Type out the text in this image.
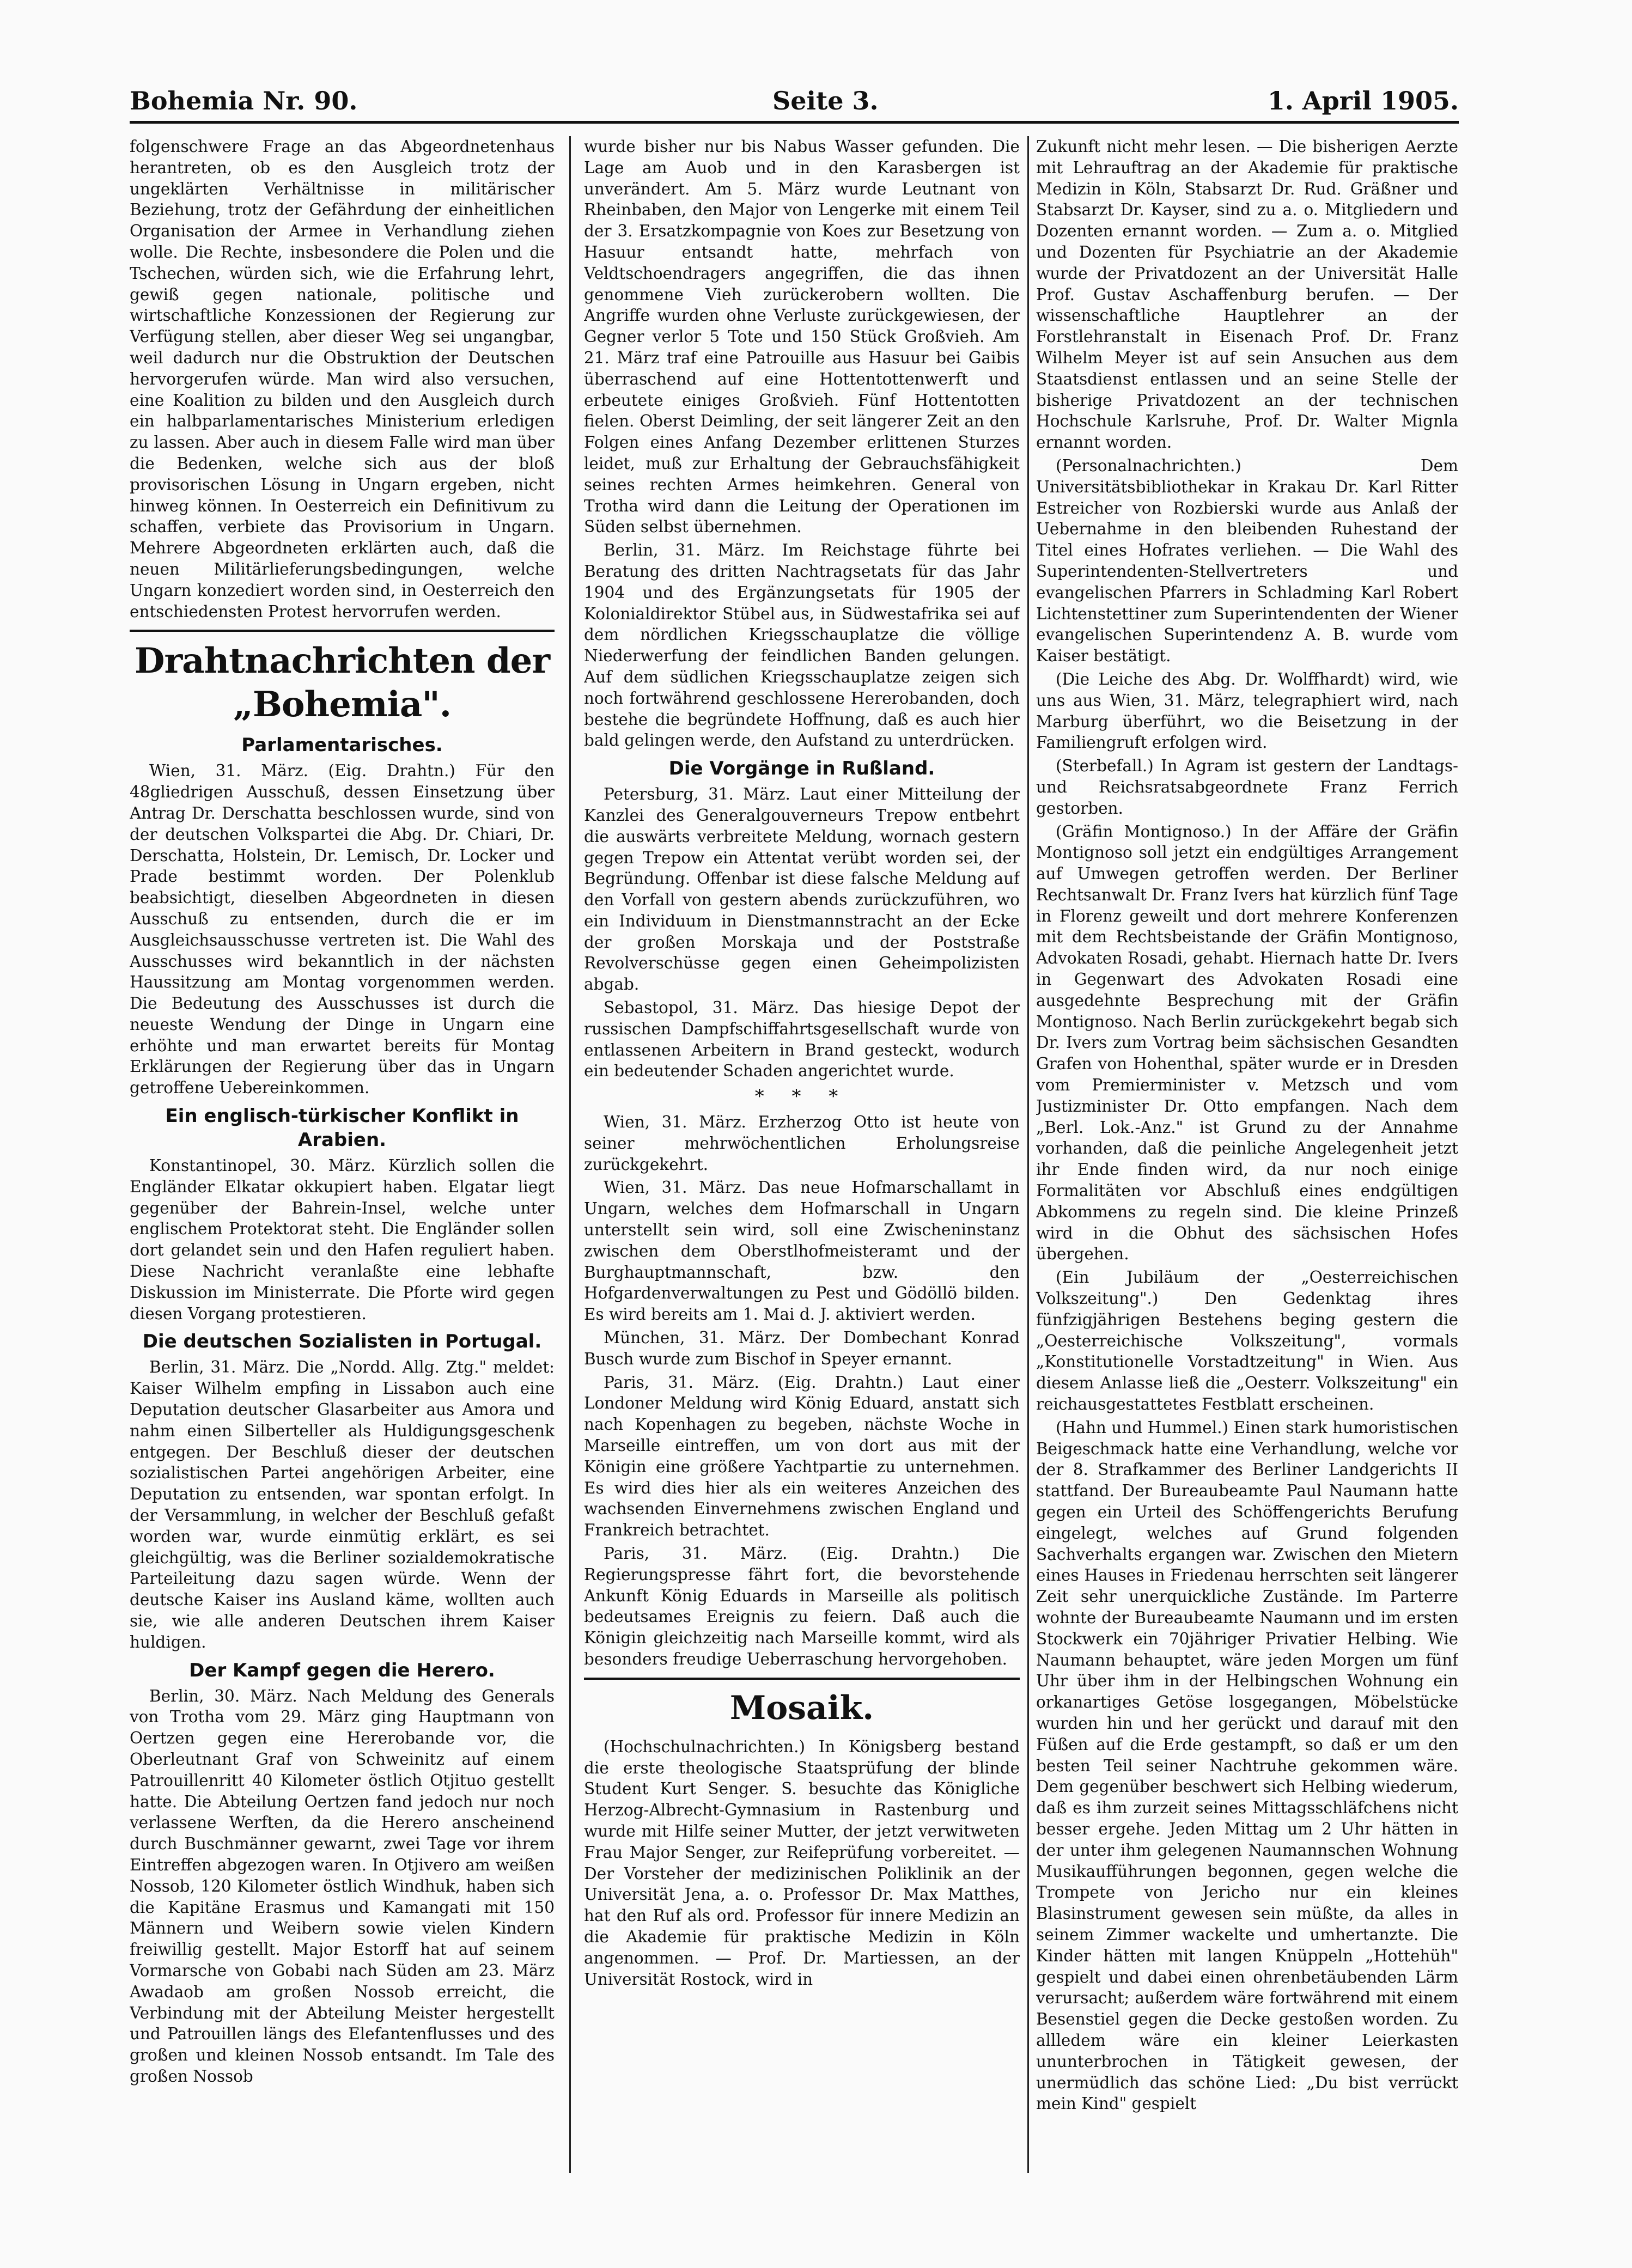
Bohemia Nr. 90.	Seite 3.	1. April 1905.

folgenschwere Frage an das Abgeordnetenhaus herantreten, ob es den Ausgleich trotz der ungeklärten Verhältnisse in militärischer Beziehung, trotz der Gefährdung der einheitlichen Organisation der Armee in Verhandlung ziehen wolle. Die Rechte, insbesondere die Polen und die Tschechen, würden sich, wie die Erfahrung lehrt, gewiß gegen nationale, politische und wirtschaftliche Konzessionen der Regierung zur Verfügung stellen, aber dieser Weg sei ungangbar, weil dadurch nur die Obstruktion der Deutschen hervorgerufen würde. Man wird also versuchen, eine Koalition zu bilden und den Ausgleich durch ein halbparlamentarisches Ministerium erledigen zu lassen. Aber auch in diesem Falle wird man über die Bedenken, welche sich aus der bloß provisorischen Lösung in Ungarn ergeben, nicht hinweg können. In Oesterreich ein Definitivum zu schaffen, verbiete das Provisorium in Ungarn. Mehrere Abgeordneten erklärten auch, daß die neuen Militärlieferungsbedingungen, welche Ungarn konzediert worden sind, in Oesterreich den entschiedensten Protest hervorrufen werden.

Drahtnachrichten der „Bohemia".
Parlamentarisches.

Wien, 31. März. (Eig. Drahtn.) Für den 48gliedrigen Ausschuß, dessen Einsetzung über Antrag Dr. Derschatta beschlossen wurde, sind von der deutschen Volkspartei die Abg. Dr. Chiari, Dr. Derschatta, Holstein, Dr. Lemisch, Dr. Locker und Prade bestimmt worden. Der Polenklub beabsichtigt, dieselben Abgeordneten in diesen Ausschuß zu entsenden, durch die er im Ausgleichsausschusse vertreten ist. Die Wahl des Ausschusses wird bekanntlich in der nächsten Haussitzung am Montag vorgenommen werden. Die Bedeutung des Ausschusses ist durch die neueste Wendung der Dinge in Ungarn eine erhöhte und man erwartet bereits für Montag Erklärungen der Regierung über das in Ungarn getroffene Uebereinkommen.

Ein englisch-türkischer Konflikt in Arabien.

Konstantinopel, 30. März. Kürzlich sollen die Engländer Elkatar okkupiert haben. Elgatar liegt gegenüber der Bahrein-Insel, welche unter englischem Protektorat steht. Die Engländer sollen dort gelandet sein und den Hafen reguliert haben. Diese Nachricht veranlaßte eine lebhafte Diskussion im Ministerrate. Die Pforte wird gegen diesen Vorgang protestieren.

Die deutschen Sozialisten in Portugal.

Berlin, 31. März. Die „Nordd. Allg. Ztg." meldet: Kaiser Wilhelm empfing in Lissabon auch eine Deputation deutscher Glasarbeiter aus Amora und nahm einen Silberteller als Huldigungsgeschenk entgegen. Der Beschluß dieser der deutschen sozialistischen Partei angehörigen Arbeiter, eine Deputation zu entsenden, war spontan erfolgt. In der Versammlung, in welcher der Beschluß gefaßt worden war, wurde einmütig erklärt, es sei gleichgültig, was die Berliner sozialdemokratische Parteileitung dazu sagen würde. Wenn der deutsche Kaiser ins Ausland käme, wollten auch sie, wie alle anderen Deutschen ihrem Kaiser huldigen.

Der Kampf gegen die Herero.

Berlin, 30. März. Nach Meldung des Generals von Trotha vom 29. März ging Hauptmann von Oertzen gegen eine Hererobande vor, die Oberleutnant Graf von Schweinitz auf einem Patrouillenritt 40 Kilometer östlich Otjituo gestellt hatte. Die Abteilung Oertzen fand jedoch nur noch verlassene Werften, da die Herero anscheinend durch Buschmänner gewarnt, zwei Tage vor ihrem Eintreffen abgezogen waren. In Otjivero am weißen Nossob, 120 Kilometer östlich Windhuk, haben sich die Kapitäne Erasmus und Kamangati mit 150 Männern und Weibern sowie vielen Kindern freiwillig gestellt. Major Estorff hat auf seinem Vormarsche von Gobabi nach Süden am 23. März Awadaob am großen Nossob erreicht, die Verbindung mit der Abteilung Meister hergestellt und Patrouillen längs des Elefantenflusses und des großen und kleinen Nossob entsandt. Im Tale des großen Nossob

wurde bisher nur bis Nabus Wasser gefunden. Die Lage am Auob und in den Karasbergen ist unverändert. Am 5. März wurde Leutnant von Rheinbaben, den Major von Lengerke mit einem Teil der 3. Ersatzkompagnie von Koes zur Besetzung von Hasuur entsandt hatte, mehrfach von Veldtschoendragers angegriffen, die das ihnen genommene Vieh zurückerobern wollten. Die Angriffe wurden ohne Verluste zurückgewiesen, der Gegner verlor 5 Tote und 150 Stück Großvieh. Am 21. März traf eine Patrouille aus Hasuur bei Gaibis überraschend auf eine Hottentottenwerft und erbeutete einiges Großvieh. Fünf Hottentotten fielen. Oberst Deimling, der seit längerer Zeit an den Folgen eines Anfang Dezember erlittenen Sturzes leidet, muß zur Erhaltung der Gebrauchsfähigkeit seines rechten Armes heimkehren. General von Trotha wird dann die Leitung der Operationen im Süden selbst übernehmen.

Berlin, 31. März. Im Reichstage führte bei Beratung des dritten Nachtragsetats für das Jahr 1904 und des Ergänzungsetats für 1905 der Kolonialdirektor Stübel aus, in Südwestafrika sei auf dem nördlichen Kriegsschauplatze die völlige Niederwerfung der feindlichen Banden gelungen. Auf dem südlichen Kriegsschauplatze zeigen sich noch fortwährend geschlossene Hererobanden, doch bestehe die begründete Hoffnung, daß es auch hier bald gelingen werde, den Aufstand zu unterdrücken.

Die Vorgänge in Rußland.

Petersburg, 31. März. Laut einer Mitteilung der Kanzlei des Generalgouverneurs Trepow entbehrt die auswärts verbreitete Meldung, wornach gestern gegen Trepow ein Attentat verübt worden sei, der Begründung. Offenbar ist diese falsche Meldung auf den Vorfall von gestern abends zurückzuführen, wo ein Individuum in Dienstmannstracht an der Ecke der großen Morskaja und der Poststraße Revolverschüsse gegen einen Geheimpolizisten abgab.

Sebastopol, 31. März. Das hiesige Depot der russischen Dampfschiffahrtsgesellschaft wurde von entlassenen Arbeitern in Brand gesteckt, wodurch ein bedeutender Schaden angerichtet wurde.

* * *

Wien, 31. März. Erzherzog Otto ist heute von seiner mehrwöchentlichen Erholungsreise zurückgekehrt.

Wien, 31. März. Das neue Hofmarschallamt in Ungarn, welches dem Hofmarschall in Ungarn unterstellt sein wird, soll eine Zwischeninstanz zwischen dem Oberstlhofmeisteramt und der Burghauptmannschaft, bzw. den Hofgardenverwaltungen zu Pest und Gödöllö bilden. Es wird bereits am 1. Mai d. J. aktiviert werden.

München, 31. März. Der Dombechant Konrad Busch wurde zum Bischof in Speyer ernannt.

Paris, 31. März. (Eig. Drahtn.) Laut einer Londoner Meldung wird König Eduard, anstatt sich nach Kopenhagen zu begeben, nächste Woche in Marseille eintreffen, um von dort aus mit der Königin eine größere Yachtpartie zu unternehmen. Es wird dies hier als ein weiteres Anzeichen des wachsenden Einvernehmens zwischen England und Frankreich betrachtet.

Paris, 31. März. (Eig. Drahtn.) Die Regierungspresse fährt fort, die bevorstehende Ankunft König Eduards in Marseille als politisch bedeutsames Ereignis zu feiern. Daß auch die Königin gleichzeitig nach Marseille kommt, wird als besonders freudige Ueberraschung hervorgehoben.

Mosaik.

(Hochschulnachrichten.) In Königsberg bestand die erste theologische Staatsprüfung der blinde Student Kurt Senger. S. besuchte das Königliche Herzog-Albrecht-Gymnasium in Rastenburg und wurde mit Hilfe seiner Mutter, der jetzt verwitweten Frau Major Senger, zur Reifeprüfung vorbereitet. — Der Vorsteher der medizinischen Poliklinik an der Universität Jena, a. o. Professor Dr. Max Matthes, hat den Ruf als ord. Professor für innere Medizin an die Akademie für praktische Medizin in Köln angenommen. — Prof. Dr. Martiessen, an der Universität Rostock, wird in

Zukunft nicht mehr lesen. — Die bisherigen Aerzte mit Lehrauftrag an der Akademie für praktische Medizin in Köln, Stabsarzt Dr. Rud. Gräßner und Stabsarzt Dr. Kayser, sind zu a. o. Mitgliedern und Dozenten ernannt worden. — Zum a. o. Mitglied und Dozenten für Psychiatrie an der Akademie wurde der Privatdozent an der Universität Halle Prof. Gustav Aschaffenburg berufen. — Der wissenschaftliche Hauptlehrer an der Forstlehranstalt in Eisenach Prof. Dr. Franz Wilhelm Meyer ist auf sein Ansuchen aus dem Staatsdienst entlassen und an seine Stelle der bisherige Privatdozent an der technischen Hochschule Karlsruhe, Prof. Dr. Walter Mignla ernannt worden.

(Personalnachrichten.) Dem Universitätsbibliothekar in Krakau Dr. Karl Ritter Estreicher von Rozbierski wurde aus Anlaß der Uebernahme in den bleibenden Ruhestand der Titel eines Hofrates verliehen. — Die Wahl des Superintendenten-Stellvertreters und evangelischen Pfarrers in Schladming Karl Robert Lichtenstettiner zum Superintendenten der Wiener evangelischen Superintendenz A. B. wurde vom Kaiser bestätigt.

(Die Leiche des Abg. Dr. Wolffhardt) wird, wie uns aus Wien, 31. März, telegraphiert wird, nach Marburg überführt, wo die Beisetzung in der Familiengruft erfolgen wird.

(Sterbefall.) In Agram ist gestern der Landtags- und Reichsratsabgeordnete Franz Ferrich gestorben.

(Gräfin Montignoso.) In der Affäre der Gräfin Montignoso soll jetzt ein endgültiges Arrangement auf Umwegen getroffen werden. Der Berliner Rechtsanwalt Dr. Franz Ivers hat kürzlich fünf Tage in Florenz geweilt und dort mehrere Konferenzen mit dem Rechtsbeistande der Gräfin Montignoso, Advokaten Rosadi, gehabt. Hiernach hatte Dr. Ivers in Gegenwart des Advokaten Rosadi eine ausgedehnte Besprechung mit der Gräfin Montignoso. Nach Berlin zurückgekehrt begab sich Dr. Ivers zum Vortrag beim sächsischen Gesandten Grafen von Hohenthal, später wurde er in Dresden vom Premierminister v. Metzsch und vom Justizminister Dr. Otto empfangen. Nach dem „Berl. Lok.-Anz." ist Grund zu der Annahme vorhanden, daß die peinliche Angelegenheit jetzt ihr Ende finden wird, da nur noch einige Formalitäten vor Abschluß eines endgültigen Abkommens zu regeln sind. Die kleine Prinzeß wird in die Obhut des sächsischen Hofes übergehen.

(Ein Jubiläum der „Oesterreichischen Volkszeitung".) Den Gedenktag ihres fünfzigjährigen Bestehens beging gestern die „Oesterreichische Volkszeitung", vormals „Konstitutionelle Vorstadtzeitung" in Wien. Aus diesem Anlasse ließ die „Oesterr. Volkszeitung" ein reichausgestattetes Festblatt erscheinen.

(Hahn und Hummel.) Einen stark humoristischen Beigeschmack hatte eine Verhandlung, welche vor der 8. Strafkammer des Berliner Landgerichts II stattfand. Der Bureaubeamte Paul Naumann hatte gegen ein Urteil des Schöffengerichts Berufung eingelegt, welches auf Grund folgenden Sachverhalts ergangen war. Zwischen den Mietern eines Hauses in Friedenau herrschten seit längerer Zeit sehr unerquickliche Zustände. Im Parterre wohnte der Bureaubeamte Naumann und im ersten Stockwerk ein 70jähriger Privatier Helbing. Wie Naumann behauptet, wäre jeden Morgen um fünf Uhr über ihm in der Helbingschen Wohnung ein orkanartiges Getöse losgegangen, Möbelstücke wurden hin und her gerückt und darauf mit den Füßen auf die Erde gestampft, so daß er um den besten Teil seiner Nachtruhe gekommen wäre. Dem gegenüber beschwert sich Helbing wiederum, daß es ihm zurzeit seines Mittagsschläfchens nicht besser ergehe. Jeden Mittag um 2 Uhr hätten in der unter ihm gelegenen Naumannschen Wohnung Musikaufführungen begonnen, gegen welche die Trompete von Jericho nur ein kleines Blasinstrument gewesen sein müßte, da alles in seinem Zimmer wackelte und umhertanzte. Die Kinder hätten mit langen Knüppeln „Hottehüh" gespielt und dabei einen ohrenbetäubenden Lärm verursacht; außerdem wäre fortwährend mit einem Besenstiel gegen die Decke gestoßen worden. Zu allledem wäre ein kleiner Leierkasten ununterbrochen in Tätigkeit gewesen, der unermüdlich das schöne Lied: „Du bist verrückt mein Kind" gespielt
